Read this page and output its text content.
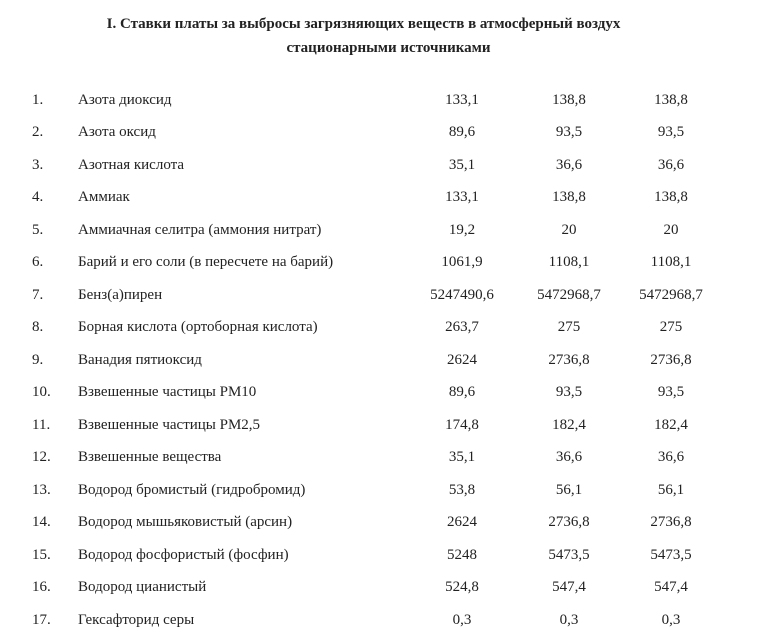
I. Ставки платы за выбросы загрязняющих веществ в атмосферный воздух
стационарными источниками
1.	Азота диоксид	133,1	138,8	138,8
2.	Азота оксид	89,6	93,5	93,5
3.	Азотная кислота	35,1	36,6	36,6
4.	Аммиак	133,1	138,8	138,8
5.	Аммиачная селитра (аммония нитрат)	19,2	20	20
6.	Барий и его соли (в пересчете на барий)	1061,9	1108,1	1108,1
7.	Бенз(а)пирен	5247490,6	5472968,7	5472968,7
8.	Борная кислота (ортоборная кислота)	263,7	275	275
9.	Ванадия пятиоксид	2624	2736,8	2736,8
10.	Взвешенные частицы РМ10	89,6	93,5	93,5
11.	Взвешенные частицы РМ2,5	174,8	182,4	182,4
12.	Взвешенные вещества	35,1	36,6	36,6
13.	Водород бромистый (гидробромид)	53,8	56,1	56,1
14.	Водород мышьяковистый (арсин)	2624	2736,8	2736,8
15.	Водород фосфористый (фосфин)	5248	5473,5	5473,5
16.	Водород цианистый	524,8	547,4	547,4
17.	Гексафторид серы	0,3	0,3	0,3
